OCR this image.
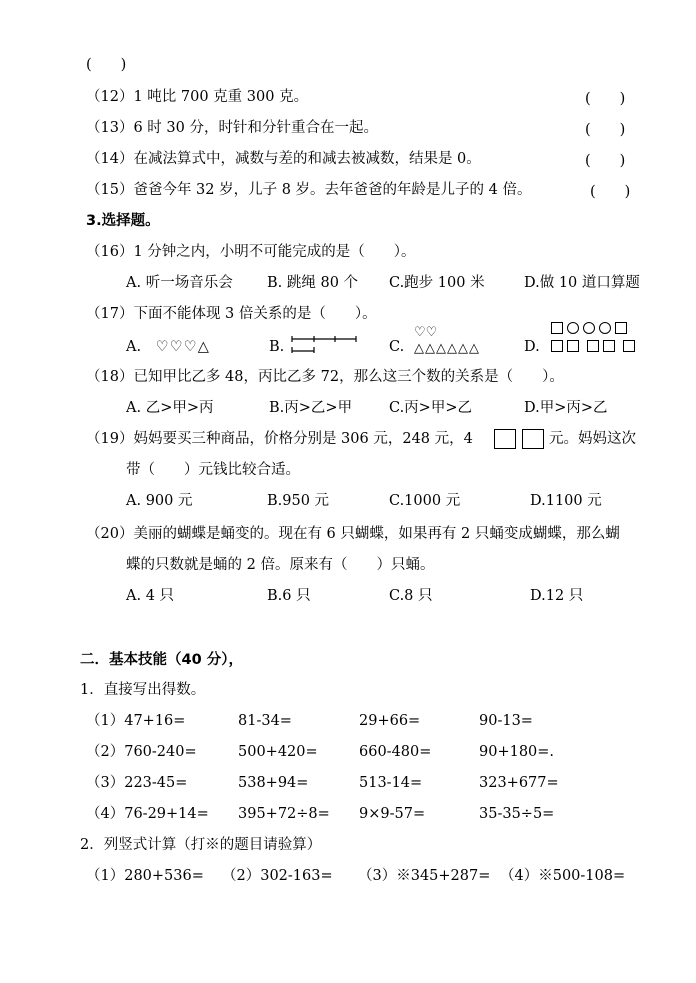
(　　)
（12）1 吨比 700 克重 300 克。	(　　)
（13）6 时 30 分，时针和分针重合在一起。	(　　)
（14）在减法算式中，减数与差的和减去被减数，结果是 0。	(　　)
（15）爸爸今年 32 岁，儿子 8 岁。去年爸爸的年龄是儿子的 4 倍。	(　　)
3.选择题。
（16）1 分钟之内，小明不可能完成的是（　　）。
A. 听一场音乐会 B. 跳绳 80 个 C.跑步 100 米	D.做 10 道口算题
（17）下面不能体现 3 倍关系的是（　　）。
A. ♡♡♡△	B.	C.
♡♡
△△△△△△	D.
（18）已知甲比乙多 48，丙比乙多 72，那么这三个数的关系是（　　）。
A. 乙>甲>丙	B.丙>乙>甲	C.丙>甲>乙	D.甲>丙>乙
（19）妈妈要买三种商品，价格分别是 306 元，248 元，4	元。妈妈这次
带（　　）元钱比较合适。
A. 900 元	B.950 元	C.1000 元	D.1100 元
（20）美丽的蝴蝶是蛹变的。现在有 6 只蝴蝶，如果再有 2 只蛹变成蝴蝶，那么蝴
蝶的只数就是蛹的 2 倍。原来有（　　）只蛹。
A. 4 只	B.6 只	C.8 只	D.12 只
二．基本技能（40 分），
1．直接写出得数。
（1）47+16=	81-34=	29+66=	90-13=
（2）760-240=	500+420=	660-480=	90+180=.
（3）223-45=	538+94=	513-14=	323+677=
（4）76-29+14= 395+72÷8= 9×9-57=	35-35÷5=
2．列竖式计算（打※的题目请验算）
（1）280+536= （2）302-163= （3）※345+287= （4）※500-108=
